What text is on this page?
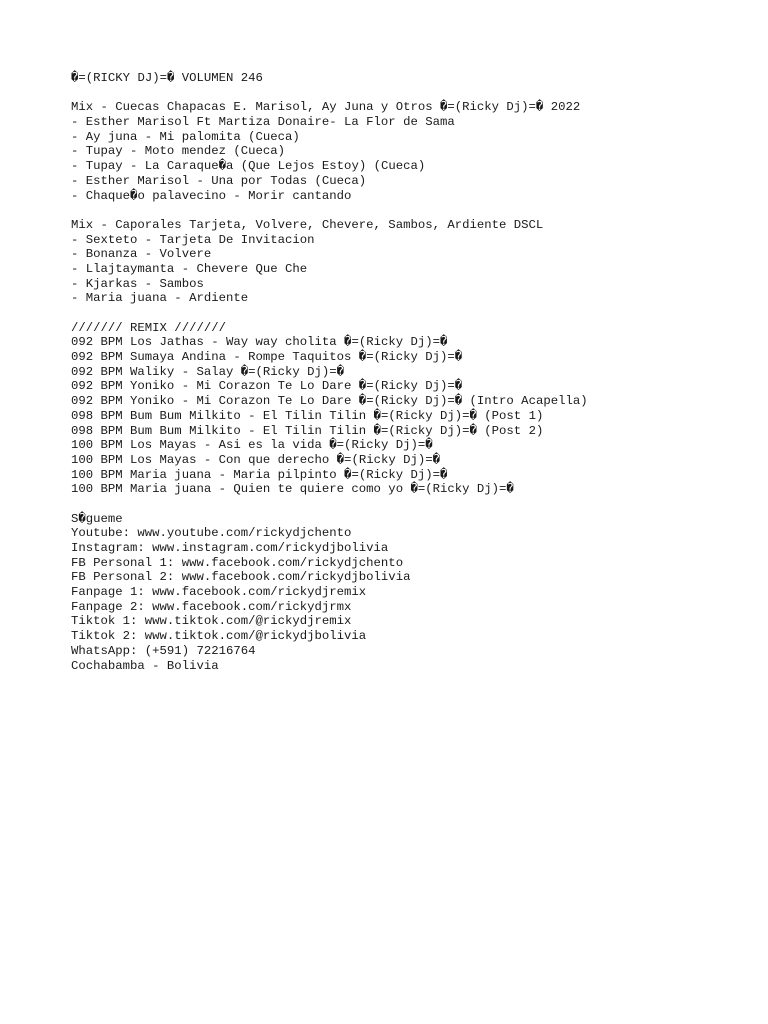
�=(RICKY DJ)=� VOLUMEN 246
Mix - Cuecas Chapacas E. Marisol, Ay Juna y Otros �=(Ricky Dj)=� 2022
- Esther Marisol Ft Martiza Donaire- La Flor de Sama
- Ay juna - Mi palomita (Cueca)
- Tupay - Moto mendez (Cueca)
- Tupay - La Caraque�a (Que Lejos Estoy) (Cueca)
- Esther Marisol - Una por Todas (Cueca)
- Chaque�o palavecino - Morir cantando
Mix - Caporales Tarjeta, Volvere, Chevere, Sambos, Ardiente DSCL
- Sexteto - Tarjeta De Invitacion
- Bonanza - Volvere
- Llajtaymanta - Chevere Que Che
- Kjarkas - Sambos
- Maria juana - Ardiente
/////// REMIX ///////
092 BPM Los Jathas - Way way cholita �=(Ricky Dj)=�
092 BPM Sumaya Andina - Rompe Taquitos �=(Ricky Dj)=�
092 BPM Waliky - Salay �=(Ricky Dj)=�
092 BPM Yoniko - Mi Corazon Te Lo Dare �=(Ricky Dj)=�
092 BPM Yoniko - Mi Corazon Te Lo Dare �=(Ricky Dj)=� (Intro Acapella)
098 BPM Bum Bum Milkito - El Tilin Tilin �=(Ricky Dj)=� (Post 1)
098 BPM Bum Bum Milkito - El Tilin Tilin �=(Ricky Dj)=� (Post 2)
100 BPM Los Mayas - Asi es la vida �=(Ricky Dj)=�
100 BPM Los Mayas - Con que derecho �=(Ricky Dj)=�
100 BPM Maria juana - Maria pilpinto �=(Ricky Dj)=�
100 BPM Maria juana - Quien te quiere como yo �=(Ricky Dj)=�
S�gueme
Youtube: www.youtube.com/rickydjchento
Instagram: www.instagram.com/rickydjbolivia
FB Personal 1: www.facebook.com/rickydjchento
FB Personal 2: www.facebook.com/rickydjbolivia
Fanpage 1: www.facebook.com/rickydjremix
Fanpage 2: www.facebook.com/rickydjrmx
Tiktok 1: www.tiktok.com/@rickydjremix
Tiktok 2: www.tiktok.com/@rickydjbolivia
WhatsApp: (+591) 72216764
Cochabamba - Bolivia
